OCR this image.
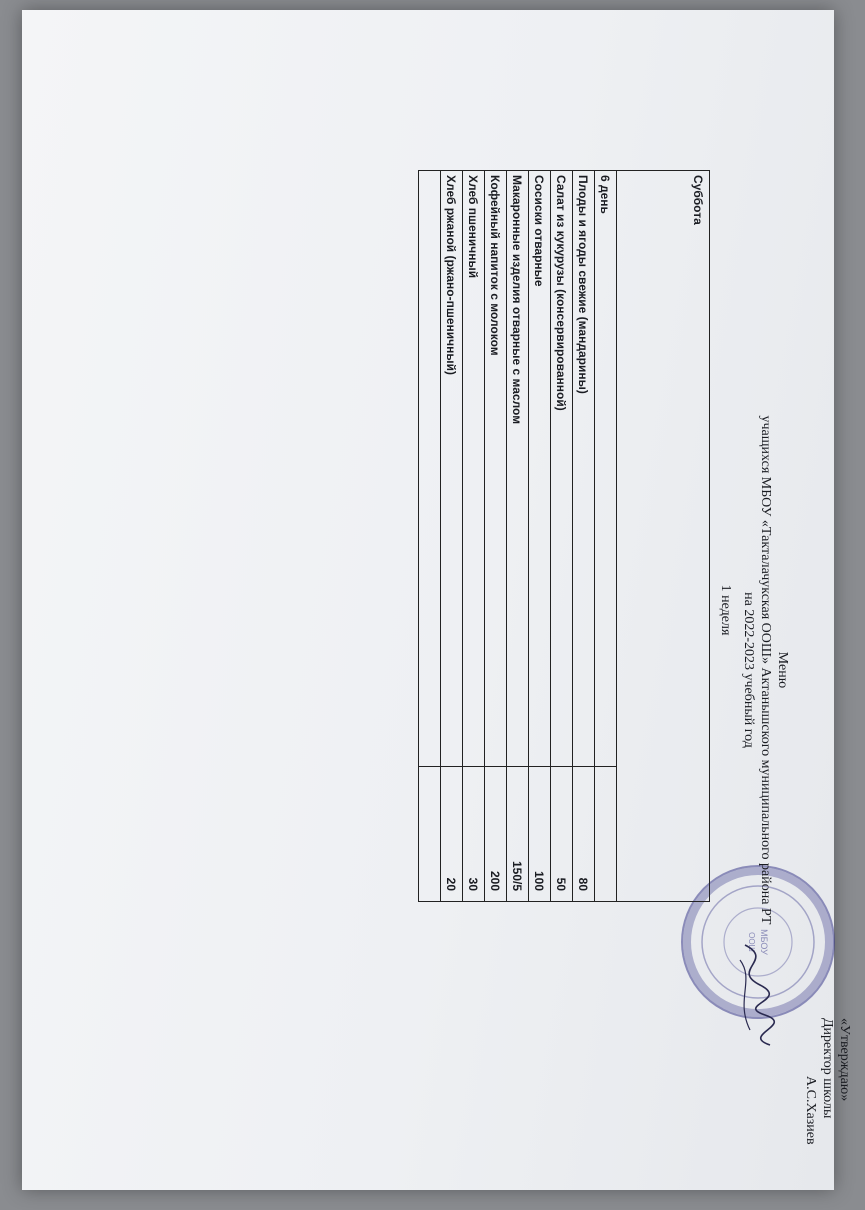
«Утверждаю»
Директор школы
А.С.Хазиев
МБОУ
ООШ
Меню
учащихся МБОУ «Такталачукская ООШ» Актанышского муниципального района РТ
на 2022-2023 учебный год
1 неделя
Суббота	
6 день	
Плоды и ягоды свежие (мандарины)	80
Салат из кукурузы (консервированной)	50
Сосиски отварные	100
Макаронные изделия отварные с маслом	150/5
Кофейный напиток с молоком	200
Хлеб пшеничный	30
Хлеб ржаной (ржано-пшеничный)	20
